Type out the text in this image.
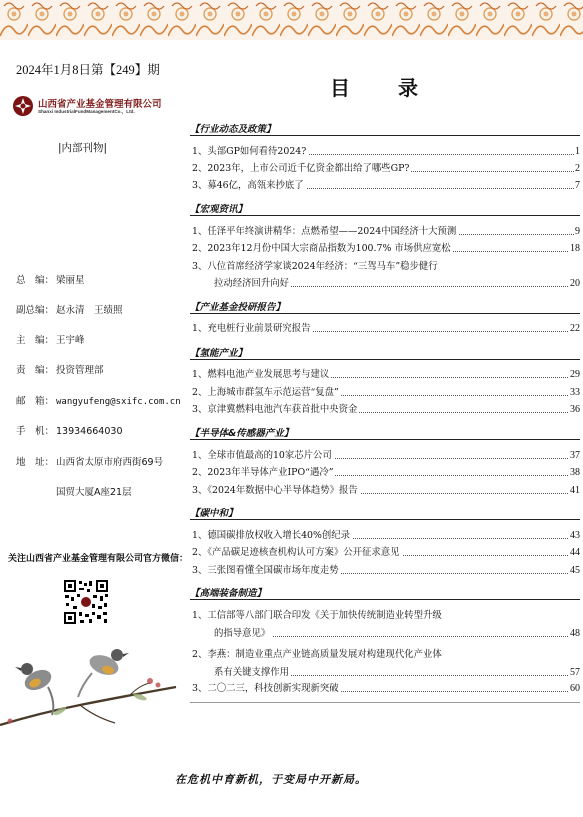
2024年1月8日第【249】期
山西省产业基金管理有限公司
Shanxi IndustrialFundManagementCo.，Ltd.
|内部刊物|
总　编： 梁丽星
副总编： 赵永清　王绩照
主　编： 王宇峰
责　编： 投资管理部
邮　箱： wangyufeng@sxifc.com.cn
手　机： 13934664030
地　址： 山西省太原市府西街69号
国贸大厦A座21层
关注山西省产业基金管理有限公司官方微信：
目录
【行业动态及政策】
1、头部GP如何看待2024?	1
2、2023年，上市公司近千亿资金都出给了哪些GP?	2
3、募46亿，高瓴来抄底了	7
【宏观资讯】
1、任泽平年终演讲精华：点燃希望——2024中国经济十大预测	9
2、2023年12月份中国大宗商品指数为100.7% 市场供应宽松	18
3、八位首席经济学家谈2024年经济：“三驾马车”稳步健行
拉动经济回升向好	20
【产业基金投研报告】
1、充电桩行业前景研究报告	22
【氢能产业】
1、燃料电池产业发展思考与建议	29
2、上海城市群氢车示范运营“复盘”	33
3、京津冀燃料电池汽车获首批中央资金	36
【半导体&传感器产业】
1、全球市值最高的10家芯片公司	37
2、2023年半导体产业IPO“遇冷”	38
3、《2024年数据中心半导体趋势》报告	41
【碳中和】
1、德国碳排放权收入增长40%创纪录	43
2、《产品碳足迹核查机构认可方案》公开征求意见	44
3、三张图看懂全国碳市场年度走势	45
【高端装备制造】
1、工信部等八部门联合印发《关于加快传统制造业转型升级
的指导意见》	48
2、李燕：制造业重点产业链高质量发展对构建现代化产业体
系有关键支撑作用	57
3、二〇二三，科技创新实现新突破	60
在危机中育新机，于变局中开新局。
